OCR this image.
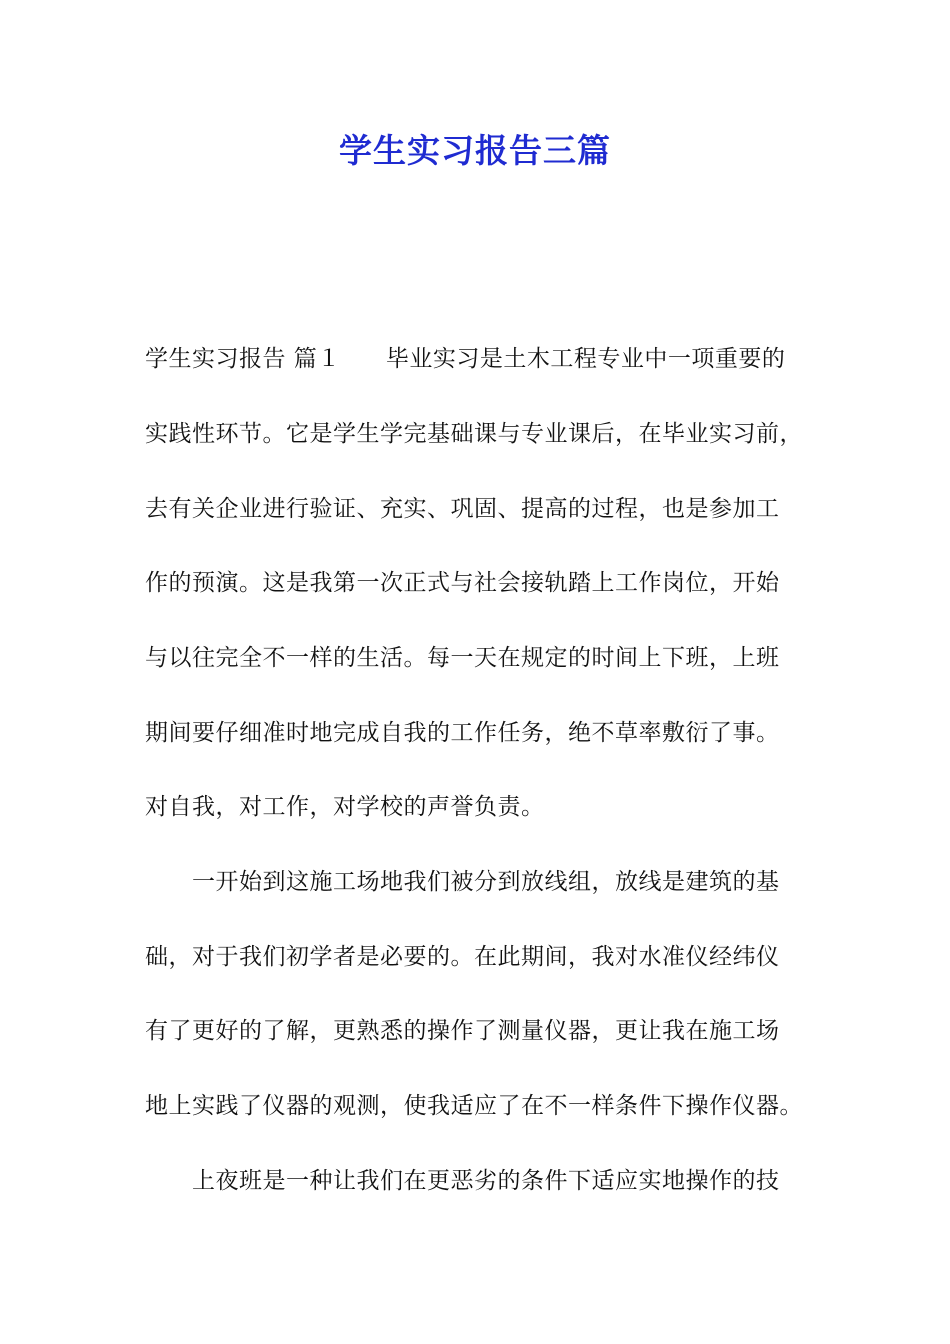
学生实习报告三篇
学生实习报告 篇１ 毕业实习是土木工程专业中一项重要的
实践性环节。它是学生学完基础课与专业课后，在毕业实习前，
去有关企业进行验证、充实、巩固、提高的过程，也是参加工
作的预演。这是我第一次正式与社会接轨踏上工作岗位，开始
与以往完全不一样的生活。每一天在规定的时间上下班，上班
期间要仔细准时地完成自我的工作任务，绝不草率敷衍了事。
对自我，对工作，对学校的声誉负责。
一开始到这施工场地我们被分到放线组，放线是建筑的基
础，对于我们初学者是必要的。在此期间，我对水准仪经纬仪
有了更好的了解，更熟悉的操作了测量仪器，更让我在施工场
地上实践了仪器的观测，使我适应了在不一样条件下操作仪器。
上夜班是一种让我们在更恶劣的条件下适应实地操作的技
